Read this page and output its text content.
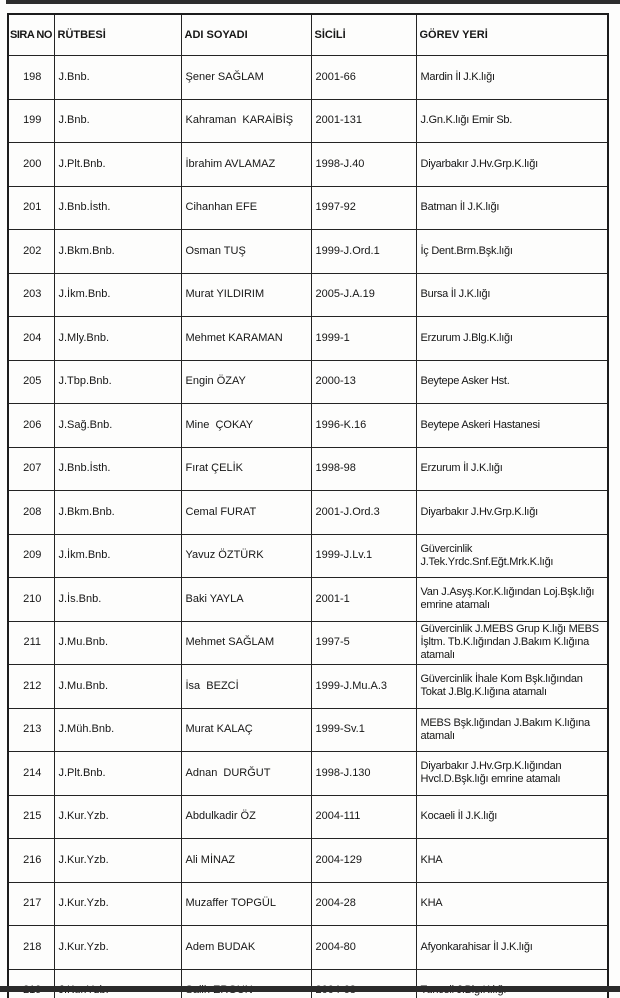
SIRA NO	RÜTBESİ	ADI SOYADI	SİCİLİ	GÖREV YERİ
198	J.Bnb.	Şener SAĞLAM	2001-66	Mardin İl J.K.lığı
199	J.Bnb.	Kahraman  KARAİBİŞ	2001-131	J.Gn.K.lığı Emir Sb.
200	J.Plt.Bnb.	İbrahim AVLAMAZ	1998-J.40	Diyarbakır J.Hv.Grp.K.lığı
201	J.Bnb.İsth.	Cihanhan EFE	1997-92	Batman İl J.K.lığı
202	J.Bkm.Bnb.	Osman TUŞ	1999-J.Ord.1	İç Dent.Brm.Bşk.lığı
203	J.İkm.Bnb.	Murat YILDIRIM	2005-J.A.19	Bursa İl J.K.lığı
204	J.Mly.Bnb.	Mehmet KARAMAN	1999-1	Erzurum J.Blg.K.lığı
205	J.Tbp.Bnb.	Engin ÖZAY	2000-13	Beytepe Asker Hst.
206	J.Sağ.Bnb.	Mine  ÇOKAY	1996-K.16	Beytepe Askeri Hastanesi
207	J.Bnb.İsth.	Fırat ÇELİK	1998-98	Erzurum İl J.K.lığı
208	J.Bkm.Bnb.	Cemal FURAT	2001-J.Ord.3	Diyarbakır J.Hv.Grp.K.lığı
209	J.İkm.Bnb.	Yavuz ÖZTÜRK	1999-J.Lv.1	Güvercinlik J.Tek.Yrdc.Snf.Eğt.Mrk.K.lığı
210	J.İs.Bnb.	Baki YAYLA	2001-1	Van J.Asyş.Kor.K.lığından Loj.Bşk.lığı emrine atamalı
211	J.Mu.Bnb.	Mehmet SAĞLAM	1997-5	Güvercinlik J.MEBS Grup K.lığı MEBS İşltm. Tb.K.lığından J.Bakım K.lığına atamalı
212	J.Mu.Bnb.	İsa  BEZCİ	1999-J.Mu.A.3	Güvercinlik İhale Kom Bşk.lığından Tokat J.Blg.K.lığına atamalı
213	J.Müh.Bnb.	Murat KALAÇ	1999-Sv.1	MEBS Bşk.lığından J.Bakım K.lığına atamalı
214	J.Plt.Bnb.	Adnan  DURĞUT	1998-J.130	Diyarbakır J.Hv.Grp.K.lığından Hvcl.D.Bşk.lığı emrine atamalı
215	J.Kur.Yzb.	Abdulkadir ÖZ	2004-111	Kocaeli İl J.K.lığı
216	J.Kur.Yzb.	Ali MİNAZ	2004-129	KHA
217	J.Kur.Yzb.	Muzaffer TOPGÜL	2004-28	KHA
218	J.Kur.Yzb.	Adem BUDAK	2004-80	Afyonkarahisar İl J.K.lığı
